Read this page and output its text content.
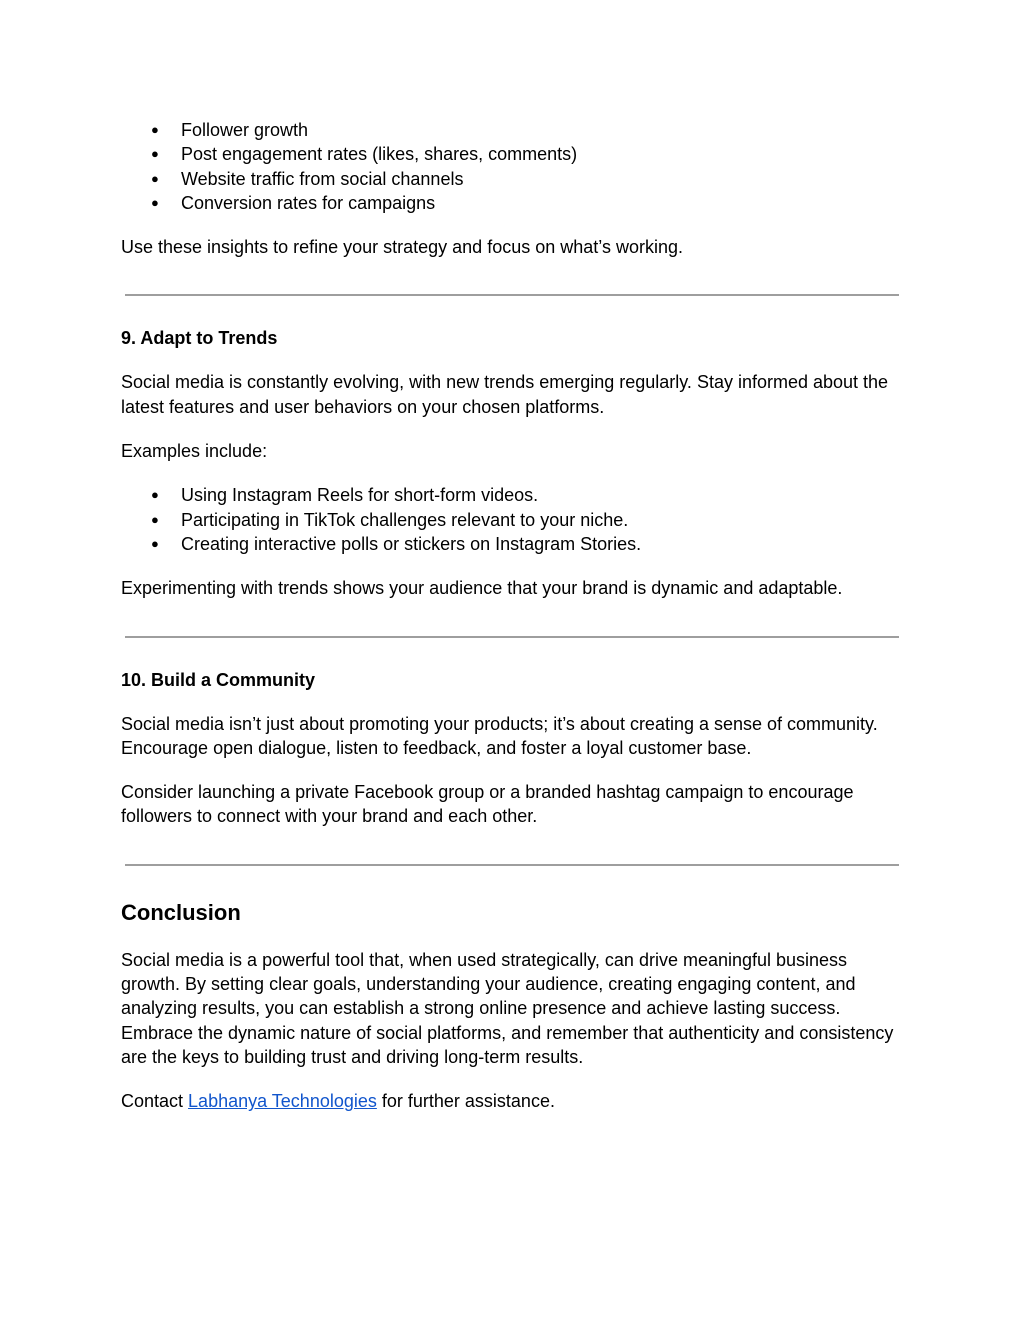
● Follower growth
● Post engagement rates (likes, shares, comments)
● Website traffic from social channels
● Conversion rates for campaigns

Use these insights to refine your strategy and focus on what’s working.

9. Adapt to Trends

Social media is constantly evolving, with new trends emerging regularly. Stay informed about the latest features and user behaviors on your chosen platforms.

Examples include:

● Using Instagram Reels for short-form videos.
● Participating in TikTok challenges relevant to your niche.
● Creating interactive polls or stickers on Instagram Stories.

Experimenting with trends shows your audience that your brand is dynamic and adaptable.

10. Build a Community

Social media isn’t just about promoting your products; it’s about creating a sense of community. Encourage open dialogue, listen to feedback, and foster a loyal customer base.

Consider launching a private Facebook group or a branded hashtag campaign to encourage followers to connect with your brand and each other.

Conclusion

Social media is a powerful tool that, when used strategically, can drive meaningful business growth. By setting clear goals, understanding your audience, creating engaging content, and analyzing results, you can establish a strong online presence and achieve lasting success. Embrace the dynamic nature of social platforms, and remember that authenticity and consistency are the keys to building trust and driving long-term results.

Contact Labhanya Technologies for further assistance.
